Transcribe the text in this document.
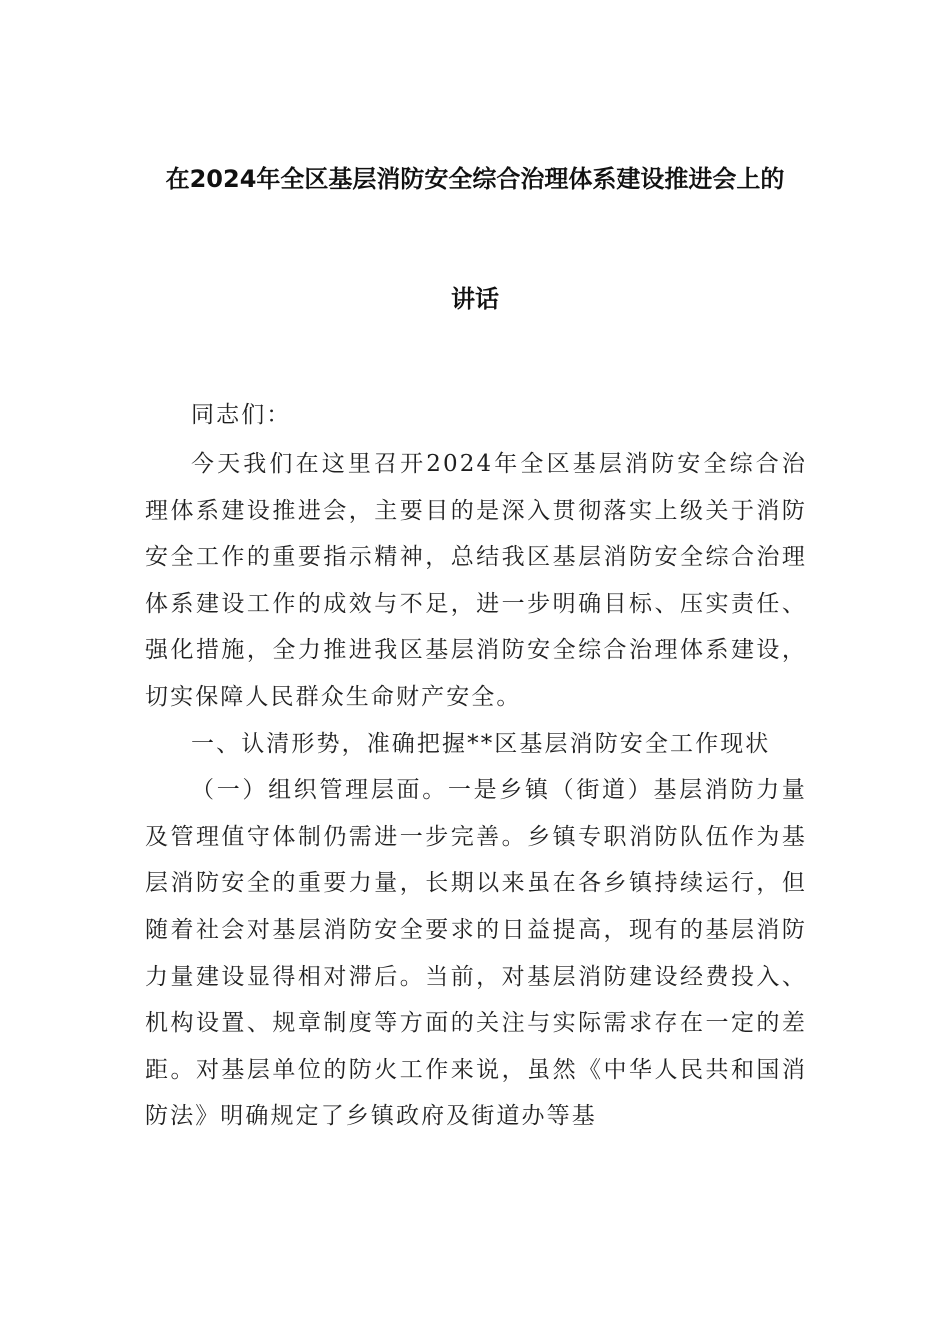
在2024年全区基层消防安全综合治理体系建设推进会上的
讲话

同志们：

今天我们在这里召开2024年全区基层消防安全综合治理体系建设推进会，主要目的是深入贯彻落实上级关于消防安全工作的重要指示精神，总结我区基层消防安全综合治理体系建设工作的成效与不足，进一步明确目标、压实责任、强化措施，全力推进我区基层消防安全综合治理体系建设，切实保障人民群众生命财产安全。

一、认清形势，准确把握**区基层消防安全工作现状

（一）组织管理层面。一是乡镇（街道）基层消防力量及管理值守体制仍需进一步完善。乡镇专职消防队伍作为基层消防安全的重要力量，长期以来虽在各乡镇持续运行，但随着社会对基层消防安全要求的日益提高，现有的基层消防力量建设显得相对滞后。当前，对基层消防建设经费投入、机构设置、规章制度等方面的关注与实际需求存在一定的差距。对基层单位的防火工作来说，虽然《中华人民共和国消防法》明确规定了乡镇政府及街道办等基
